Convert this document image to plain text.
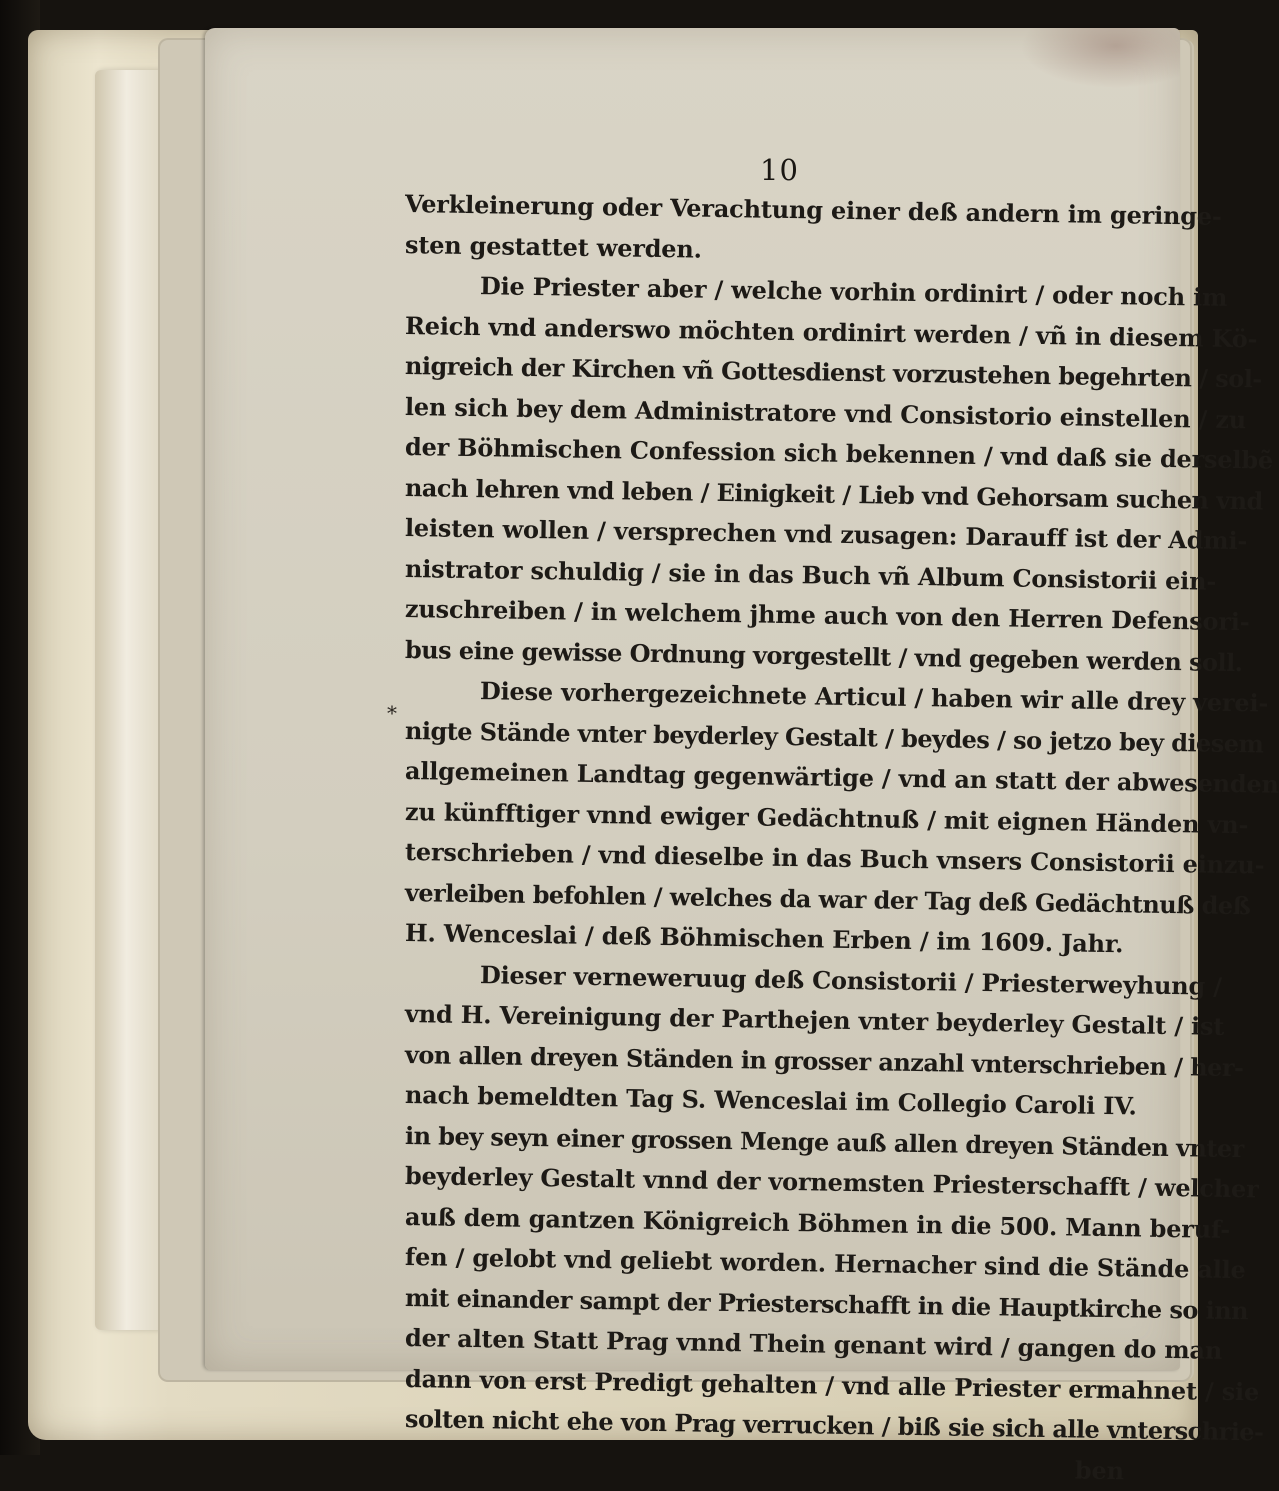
10
*
Verkleinerung oder Verachtung einer deß andern im geringe-
sten gestattet werden.
Die Priester aber / welche vorhin ordinirt / oder noch im
Reich vnd anderswo möchten ordinirt werden / vñ in diesem Kö-
nigreich der Kirchen vñ Gottesdienst vorzustehen begehrten / sol-
len sich bey dem Administratore vnd Consistorio einstellen / zu
der Böhmischen Confession sich bekennen / vnd daß sie derselbẽ
nach lehren vnd leben / Einigkeit / Lieb vnd Gehorsam suchen vnd
leisten wollen / versprechen vnd zusagen: Darauff ist der Admi-
nistrator schuldig / sie in das Buch vñ Album Consistorii ein-
zuschreiben / in welchem jhme auch von den Herren Defensori-
bus eine gewisse Ordnung vorgestellt / vnd gegeben werden soll.
Diese vorhergezeichnete Articul / haben wir alle drey verei-
nigte Stände vnter beyderley Gestalt / beydes / so jetzo bey diesem
allgemeinen Landtag gegenwärtige / vnd an statt der abwesenden
zu künfftiger vnnd ewiger Gedächtnuß / mit eignen Händen vn-
terschrieben / vnd dieselbe in das Buch vnsers Consistorii einzu-
verleiben befohlen / welches da war der Tag deß Gedächtnuß deß
H. Wenceslai / deß Böhmischen Erben / im 1609. Jahr.
Dieser verneweruug deß Consistorii / Priesterweyhung /
vnd H. Vereinigung der Parthejen vnter beyderley Gestalt / ist
von allen dreyen Ständen in grosser anzahl vnterschrieben / her-
nach bemeldten Tag S. Wenceslai im Collegio Caroli IV.
in bey seyn einer grossen Menge auß allen dreyen Ständen vnter
beyderley Gestalt vnnd der vornemsten Priesterschafft / welcher
auß dem gantzen Königreich Böhmen in die 500. Mann beruf-
fen / gelobt vnd geliebt worden. Hernacher sind die Stände alle
mit einander sampt der Priesterschafft in die Hauptkirche so inn
der alten Statt Prag vnnd Thein genant wird / gangen do man
dann von erst Predigt gehalten / vnd alle Priester ermahnet / sie
solten nicht ehe von Prag verrucken / biß sie sich alle vnterschrie-
ben
